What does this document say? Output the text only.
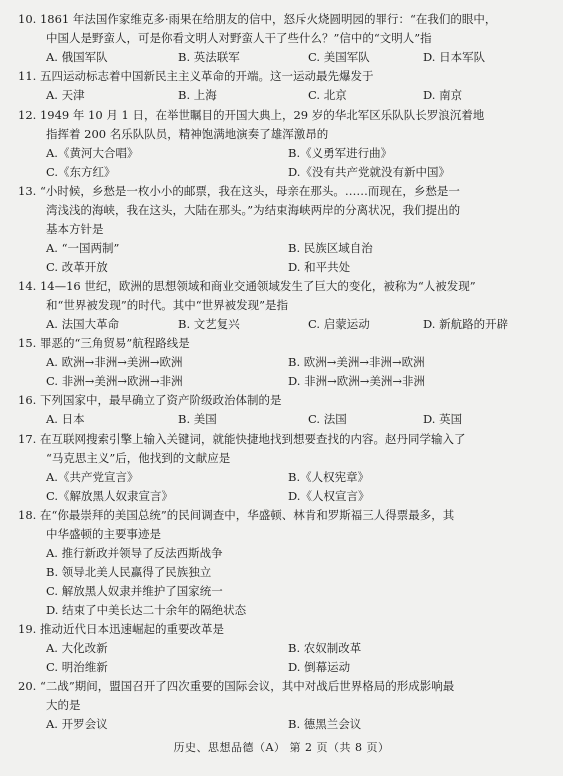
10. 1861 年法国作家维克多·雨果在给朋友的信中，怒斥火烧圆明园的罪行：“在我们的眼中，
中国人是野蛮人，可是你看文明人对野蛮人干了些什么？”信中的“文明人”指
A. 俄国军队	B. 英法联军	C. 美国军队	D. 日本军队
11. 五四运动标志着中国新民主主义革命的开端。这一运动最先爆发于
A. 天津	B. 上海	C. 北京	D. 南京
12. 1949 年 10 月 1 日，在举世瞩目的开国大典上，29 岁的华北军区乐队队长罗浪沉着地
指挥着 200 名乐队队员，精神饱满地演奏了雄浑激昂的
A.《黄河大合唱》	B.《义勇军进行曲》
C.《东方红》	D.《没有共产党就没有新中国》
13. “小时候，乡愁是一枚小小的邮票，我在这头，母亲在那头。……而现在，乡愁是一
湾浅浅的海峡，我在这头，大陆在那头。”为结束海峡两岸的分离状况，我们提出的
基本方针是
A. “一国两制”	B. 民族区域自治
C. 改革开放	D. 和平共处
14. 14—16 世纪，欧洲的思想领域和商业交通领域发生了巨大的变化，被称为“人被发现”
和“世界被发现”的时代。其中“世界被发现”是指
A. 法国大革命	B. 文艺复兴	C. 启蒙运动	D. 新航路的开辟
15. 罪恶的“三角贸易”航程路线是
A. 欧洲→非洲→美洲→欧洲	B. 欧洲→美洲→非洲→欧洲
C. 非洲→美洲→欧洲→非洲	D. 非洲→欧洲→美洲→非洲
16. 下列国家中，最早确立了资产阶级政治体制的是
A. 日本	B. 美国	C. 法国	D. 英国
17. 在互联网搜索引擎上输入关键词，就能快捷地找到想要查找的内容。赵丹同学输入了
“马克思主义”后，他找到的文献应是
A.《共产党宣言》	B.《人权宪章》
C.《解放黑人奴隶宣言》	D.《人权宣言》
18. 在“你最崇拜的美国总统”的民间调查中，华盛顿、林肯和罗斯福三人得票最多，其
中华盛顿的主要事迹是
A. 推行新政并领导了反法西斯战争
B. 领导北美人民赢得了民族独立
C. 解放黑人奴隶并维护了国家统一
D. 结束了中美长达二十余年的隔绝状态
19. 推动近代日本迅速崛起的重要改革是
A. 大化改新	B. 农奴制改革
C. 明治维新	D. 倒幕运动
20. “二战”期间，盟国召开了四次重要的国际会议，其中对战后世界格局的形成影响最
大的是
A. 开罗会议	B. 德黑兰会议
历史、思想品德（A） 第 2 页（共 8 页）
